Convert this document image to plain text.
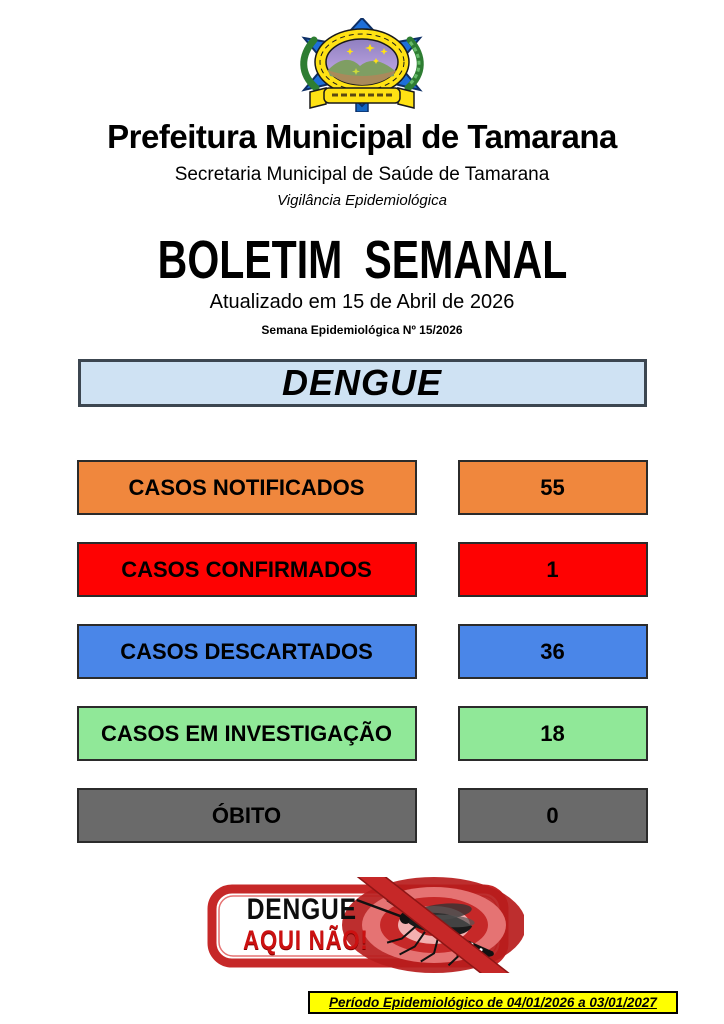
Prefeitura Municipal de Tamarana
Secretaria Municipal de Saúde de Tamarana
Vigilância Epidemiológica
BOLETIM SEMANAL
Atualizado em 15 de Abril de 2026
Semana Epidemiológica Nº 15/2026
DENGUE
CASOS NOTIFICADOS	55
CASOS CONFIRMADOS	1
CASOS DESCARTADOS	36
CASOS EM INVESTIGAÇÃO	18
ÓBITO	0
DENGUE
AQUI NÃO!
Período Epidemiológico de 04/01/2026 a 03/01/2027
